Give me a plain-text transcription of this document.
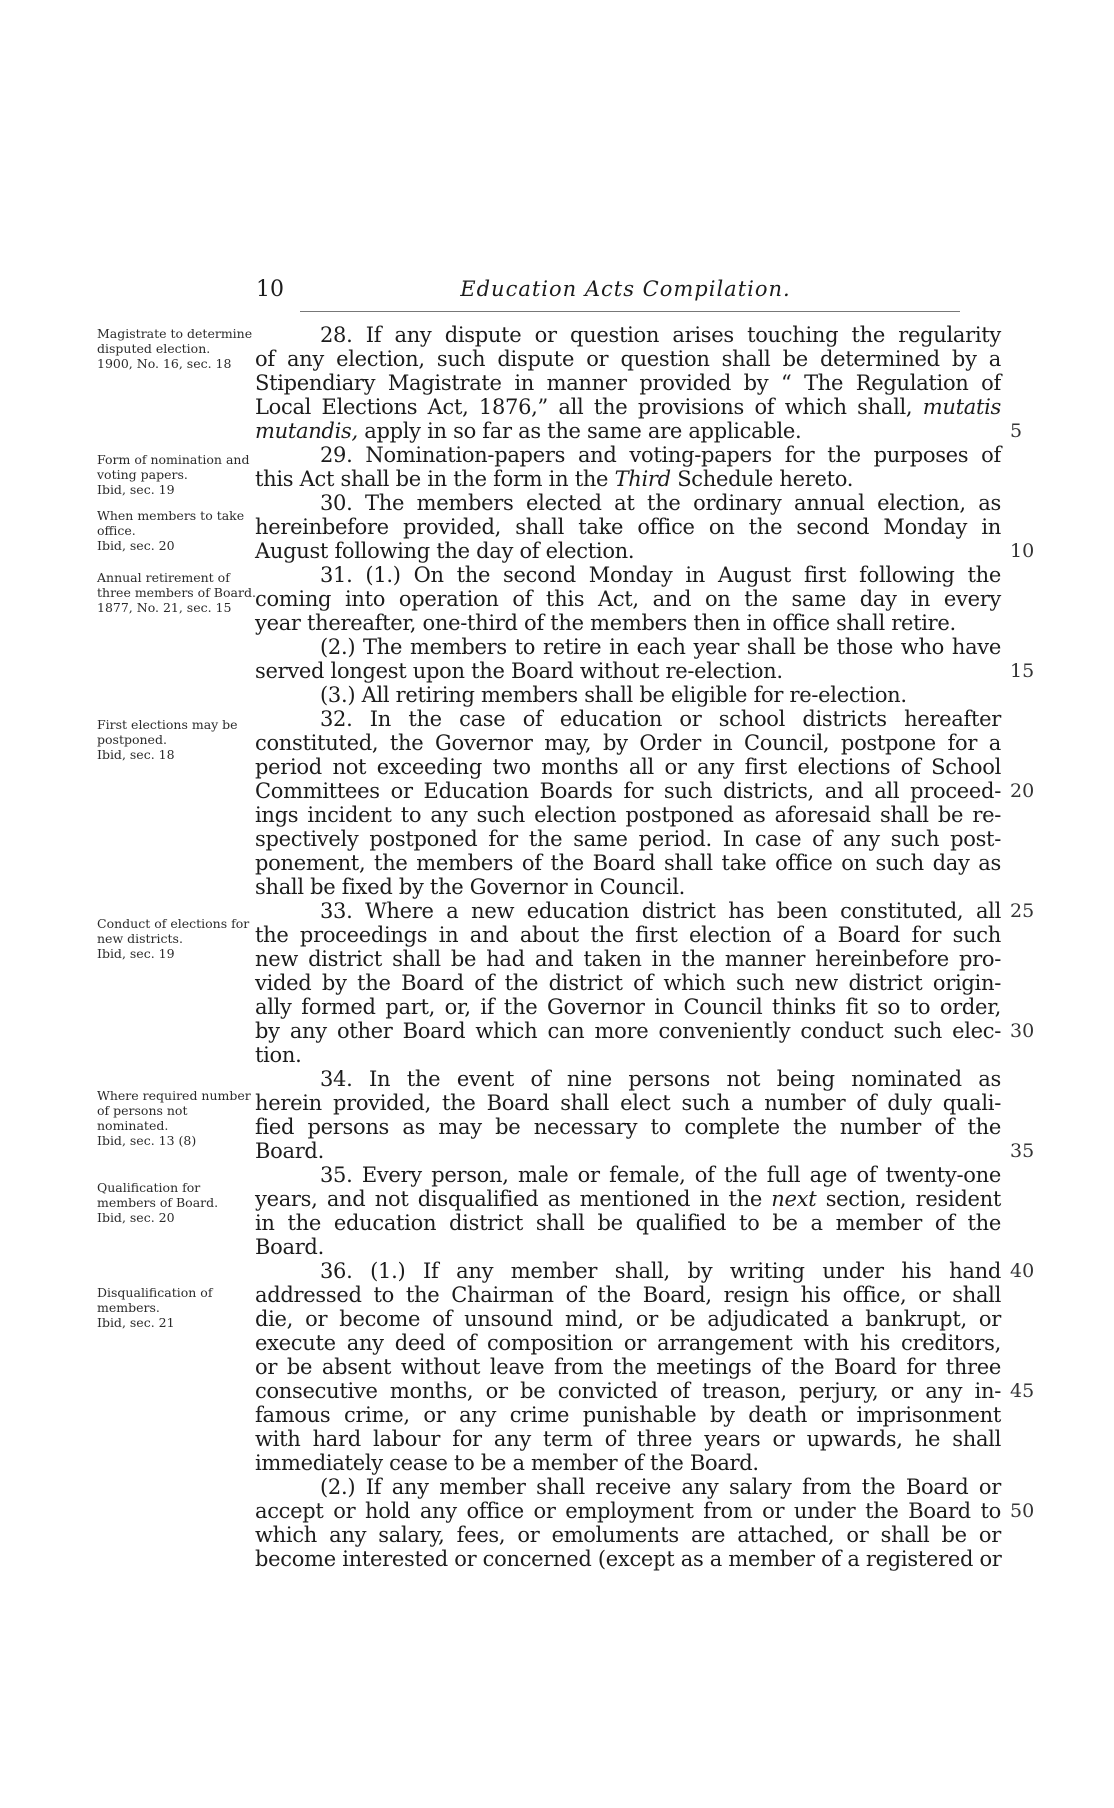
10	Education Acts Compilation.
Magistrate to determine disputed election.
1900, No. 16, sec. 18
Form of nomination and voting papers.
Ibid, sec. 19
When members to take office.
Ibid, sec. 20
Annual retirement of three members of Board.
1877, No. 21, sec. 15
First elections may be postponed.
Ibid, sec. 18
Conduct of elections for new districts.
Ibid, sec. 19
Where required number of persons not nominated.
Ibid, sec. 13 (8)
Qualification for members of Board.
Ibid, sec. 20
Disqualification of members.
Ibid, sec. 21
28. If any dispute or question arises touching the regularity
of any election, such dispute or question shall be determined by a
Stipendiary Magistrate in manner provided by “ The Regulation of
Local Elections Act, 1876,” all the provisions of which shall, mutatis
mutandis, apply in so far as the same are applicable.
29. Nomination-papers and voting-papers for the purposes of
this Act shall be in the form in the Third Schedule hereto.
30. The members elected at the ordinary annual election, as
hereinbefore provided, shall take office on the second Monday in
August following the day of election.
31. (1.) On the second Monday in August first following the
coming into operation of this Act, and on the same day in every
year thereafter, one-third of the members then in office shall retire.
(2.) The members to retire in each year shall be those who have
served longest upon the Board without re-election.
(3.) All retiring members shall be eligible for re-election.
32. In the case of education or school districts hereafter
constituted, the Governor may, by Order in Council, postpone for a
period not exceeding two months all or any first elections of School
Committees or Education Boards for such districts, and all proceed-
ings incident to any such election postponed as aforesaid shall be re-
spectively postponed for the same period. In case of any such post-
ponement, the members of the Board shall take office on such day as
shall be fixed by the Governor in Council.
33. Where a new education district has been constituted, all
the proceedings in and about the first election of a Board for such
new district shall be had and taken in the manner hereinbefore pro-
vided by the Board of the district of which such new district origin-
ally formed part, or, if the Governor in Council thinks fit so to order,
by any other Board which can more conveniently conduct such elec-
tion.
34. In the event of nine persons not being nominated as
herein provided, the Board shall elect such a number of duly quali-
fied persons as may be necessary to complete the number of the
Board.
35. Every person, male or female, of the full age of twenty-one
years, and not disqualified as mentioned in the next section, resident
in the education district shall be qualified to be a member of the
Board.
36. (1.) If any member shall, by writing under his hand
addressed to the Chairman of the Board, resign his office, or shall
die, or become of unsound mind, or be adjudicated a bankrupt, or
execute any deed of composition or arrangement with his creditors,
or be absent without leave from the meetings of the Board for three
consecutive months, or be convicted of treason, perjury, or any in-
famous crime, or any crime punishable by death or imprisonment
with hard labour for any term of three years or upwards, he shall
immediately cease to be a member of the Board.
(2.) If any member shall receive any salary from the Board or
accept or hold any office or employment from or under the Board to
which any salary, fees, or emoluments are attached, or shall be or
become interested or concerned (except as a member of a registered or
5
10
15
20
25
30
35
40
45
50
